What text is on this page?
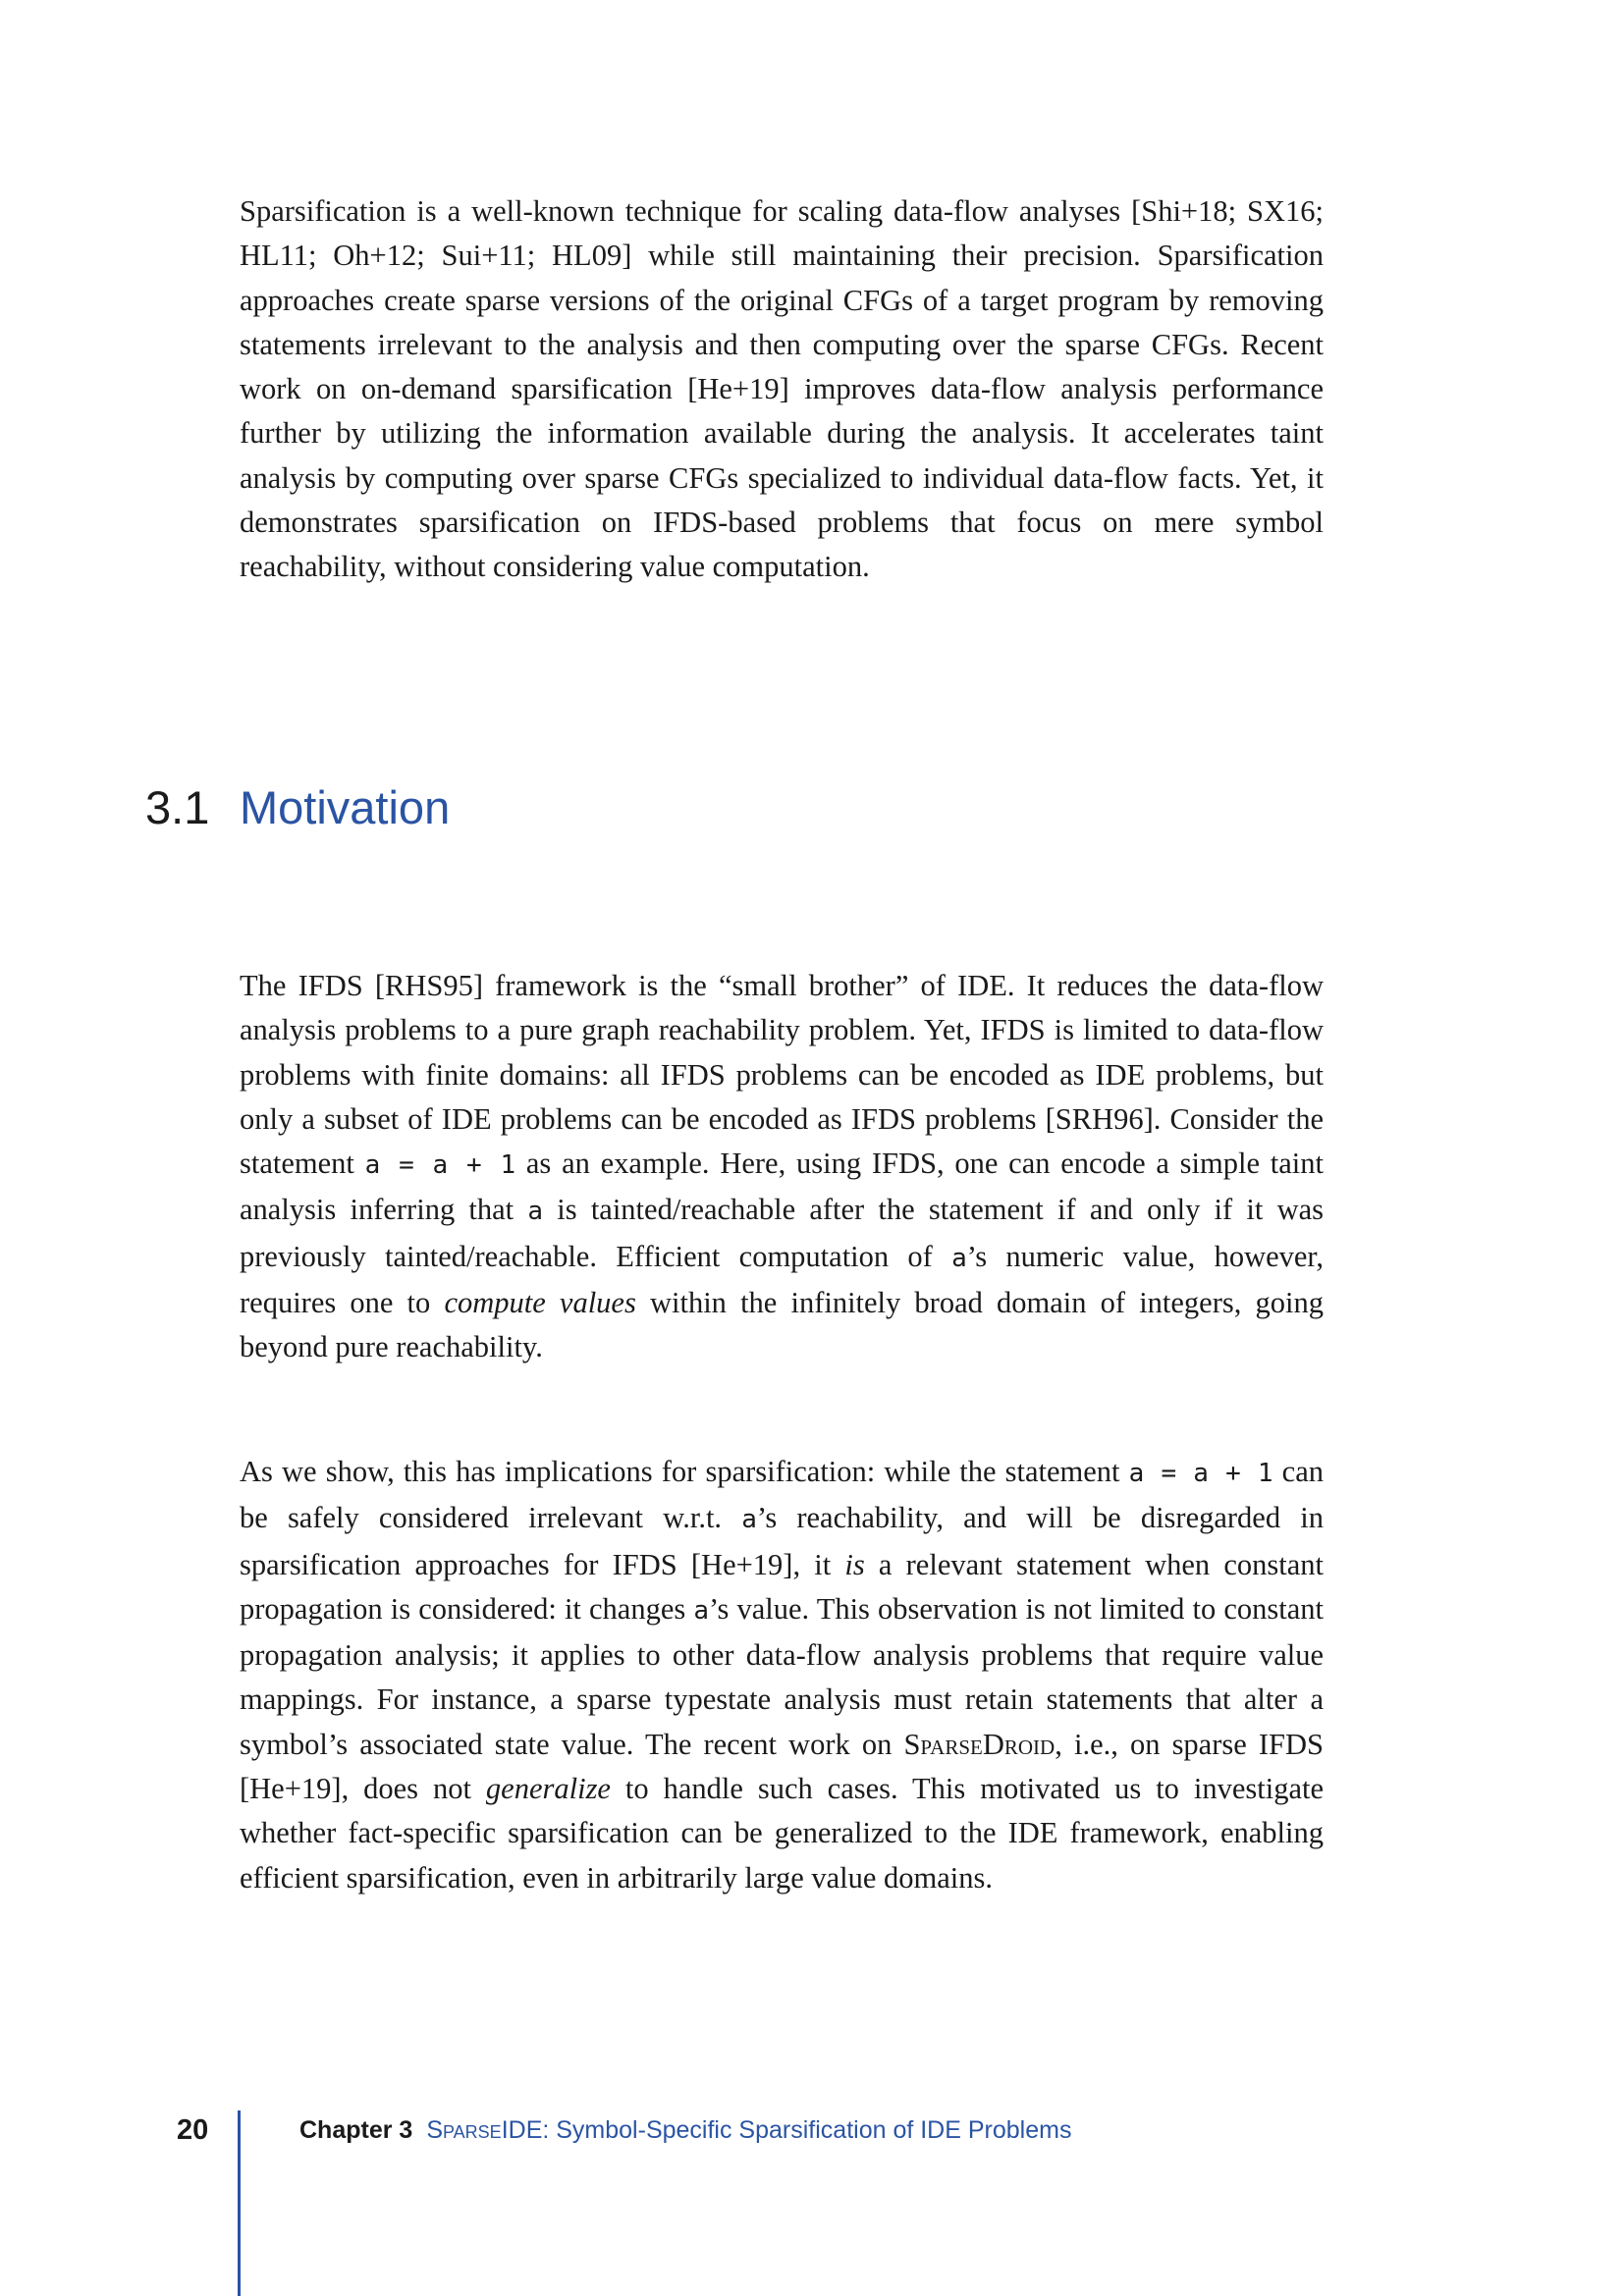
Sparsification is a well-known technique for scaling data-flow analyses [Shi+18; SX16; HL11; Oh+12; Sui+11; HL09] while still maintaining their precision. Sparsification approaches create sparse versions of the original CFGs of a target program by removing statements irrelevant to the analysis and then computing over the sparse CFGs. Recent work on on-demand sparsification [He+19] improves data-flow analysis performance further by utilizing the information available during the analysis. It accelerates taint analysis by computing over sparse CFGs specialized to individual data-flow facts. Yet, it demonstrates sparsification on IFDS-based problems that focus on mere symbol reachability, without considering value computation.

3.1 Motivation

The IFDS [RHS95] framework is the “small brother” of IDE. It reduces the data-flow analysis problems to a pure graph reachability problem. Yet, IFDS is limited to data-flow problems with finite domains: all IFDS problems can be encoded as IDE problems, but only a subset of IDE problems can be encoded as IFDS problems [SRH96]. Consider the statement a = a + 1 as an example. Here, using IFDS, one can encode a simple taint analysis inferring that a is tainted/reachable after the statement if and only if it was previously tainted/reachable. Efficient computation of a’s numeric value, however, requires one to compute values within the infinitely broad domain of integers, going beyond pure reachability.

As we show, this has implications for sparsification: while the statement a = a + 1 can be safely considered irrelevant w.r.t. a’s reachability, and will be disregarded in sparsification approaches for IFDS [He+19], it is a relevant statement when constant propagation is considered: it changes a’s value. This observation is not limited to constant propagation analysis; it applies to other data-flow analysis problems that require value mappings. For instance, a sparse typestate analysis must retain statements that alter a symbol’s associated state value. The recent work on SparseDroid, i.e., on sparse IFDS [He+19], does not generalize to handle such cases. This motivated us to investigate whether fact-specific sparsification can be generalized to the IDE framework, enabling efficient sparsification, even in arbitrarily large value domains.

20	Chapter 3 SparseIDE: Symbol-Specific Sparsification of IDE Problems
